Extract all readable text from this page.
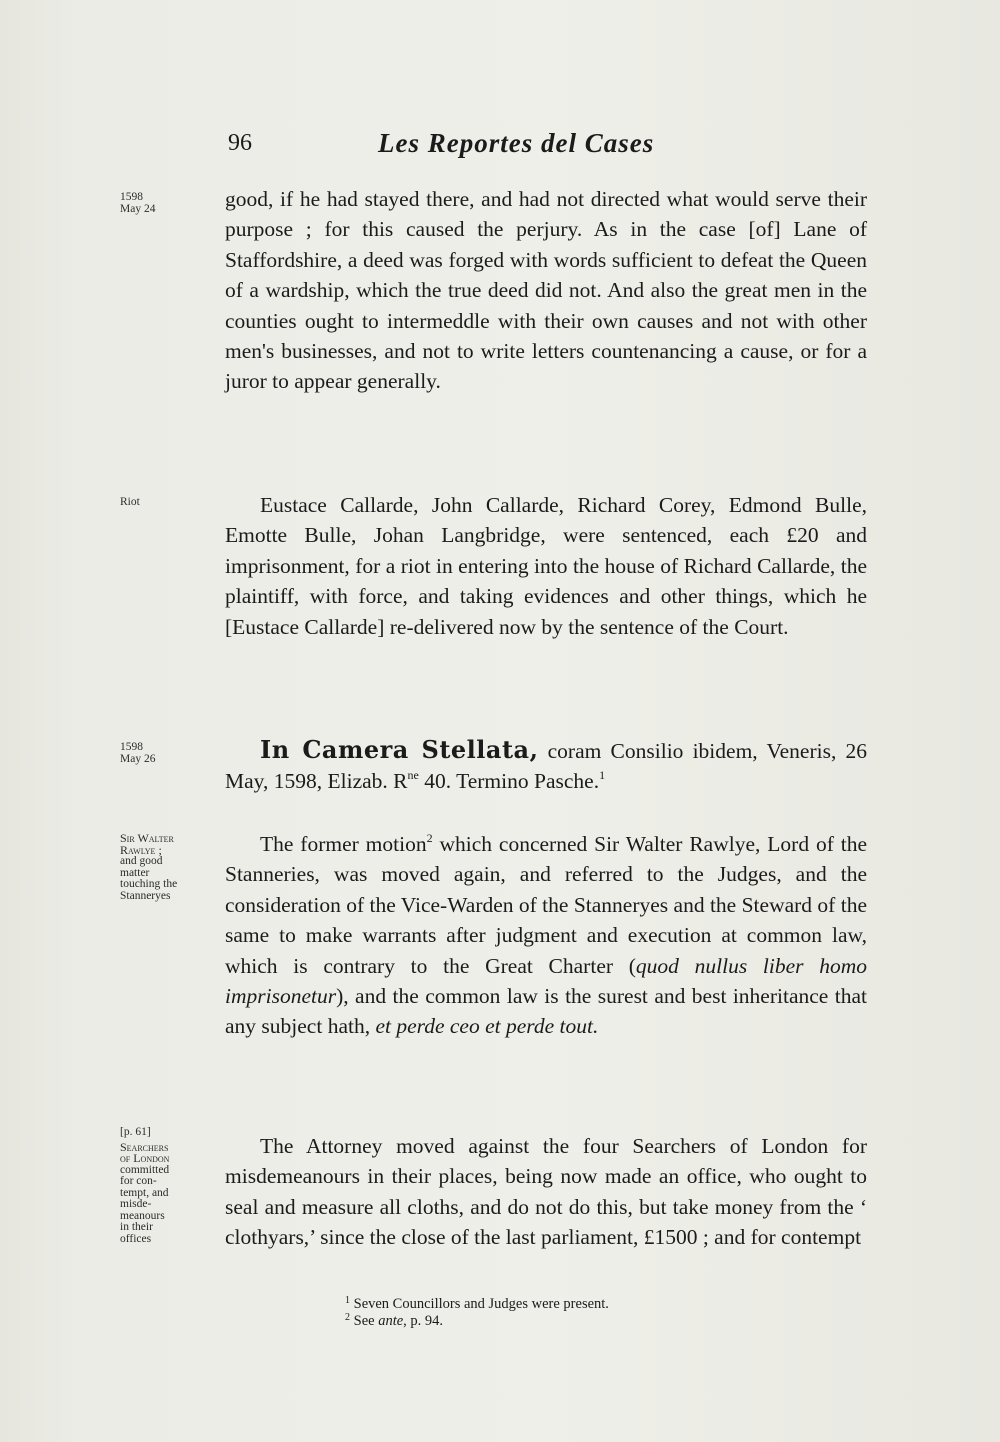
96	Les Reportes del Cases
1598
May 24
Riot
1598
May 26
Sir Walter
Rawlye ;
and good
matter
touching the
Stanneryes
[p. 61]
Searchers
of London
committed
for con-
tempt, and
misde-
meanours
in their
offices

good, if he had stayed there, and had not directed what would serve their purpose ; for this caused the perjury. As in the case [of] Lane of Staffordshire, a deed was forged with words sufficient to defeat the Queen of a wardship, which the true deed did not. And also the great men in the counties ought to intermeddle with their own causes and not with other men's businesses, and not to write letters countenancing a cause, or for a juror to appear generally.

Eustace Callarde, John Callarde, Richard Corey, Edmond Bulle, Emotte Bulle, Johan Langbridge, were sentenced, each £20 and imprisonment, for a riot in entering into the house of Richard Callarde, the plaintiff, with force, and taking evidences and other things, which he [Eustace Callarde] re-delivered now by the sentence of the Court.

In Camera Stellata, coram Consilio ibidem, Veneris, 26 May, 1598, Elizab. $R^{ne}$ 40. Termino Pasche.$^1$

The former motion$^2$ which concerned Sir Walter Rawlye, Lord of the Stanneries, was moved again, and referred to the Judges, and the consideration of the Vice-Warden of the Stanneryes and the Steward of the same to make warrants after judgment and execution at common law, which is contrary to the Great Charter (quod nullus liber homo imprisonetur), and the common law is the surest and best inheritance that any subject hath, et perde ceo et perde tout.

The Attorney moved against the four Searchers of London for misdemeanours in their places, being now made an office, who ought to seal and measure all cloths, and do not do this, but take money from the ‘ clothyars,’ since the close of the last parliament, £1500 ; and for contempt

$^1$ Seven Councillors and Judges were present.

$^2$ See ante, p. 94.
